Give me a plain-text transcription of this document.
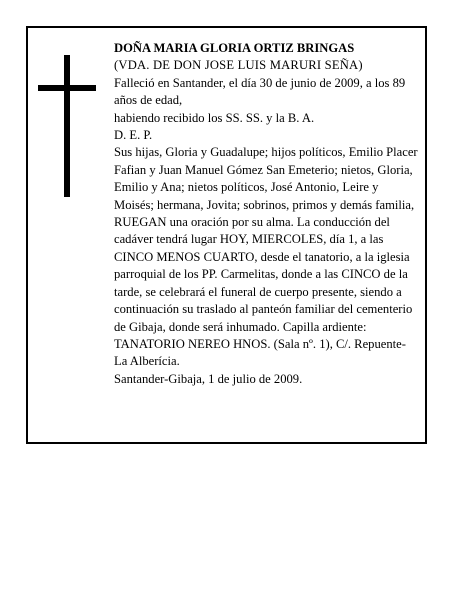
DOÑA MARIA GLORIA ORTIZ BRINGAS

(VDA. DE DON JOSE LUIS MARURI SEÑA)

Falleció en Santander, el día 30 de junio de 2009, a los 89 años de edad,

habiendo recibido los SS. SS. y la B. A.

D. E. P.

Sus hijas, Gloria y Guadalupe; hijos políticos, Emilio Placer Fafian y Juan Manuel Gómez San Emeterio; nietos, Gloria, Emilio y Ana; nietos políticos, José Antonio, Leire y Moisés; hermana, Jovita; sobrinos, primos y demás familia,

RUEGAN una oración por su alma. La conducción del cadáver tendrá lugar HOY, MIERCOLES, día 1, a las CINCO MENOS CUARTO, desde el tanatorio, a la iglesia parroquial de los PP. Carmelitas, donde a las CINCO de la tarde, se celebrará el funeral de cuerpo presente, siendo a continuación su traslado al panteón familiar del cementerio de Gibaja, donde será inhumado. Capilla ardiente: TANATORIO NEREO HNOS. (Sala nº. 1), C/. Repuente-La Alberícia.

Santander-Gibaja, 1 de julio de 2009.
